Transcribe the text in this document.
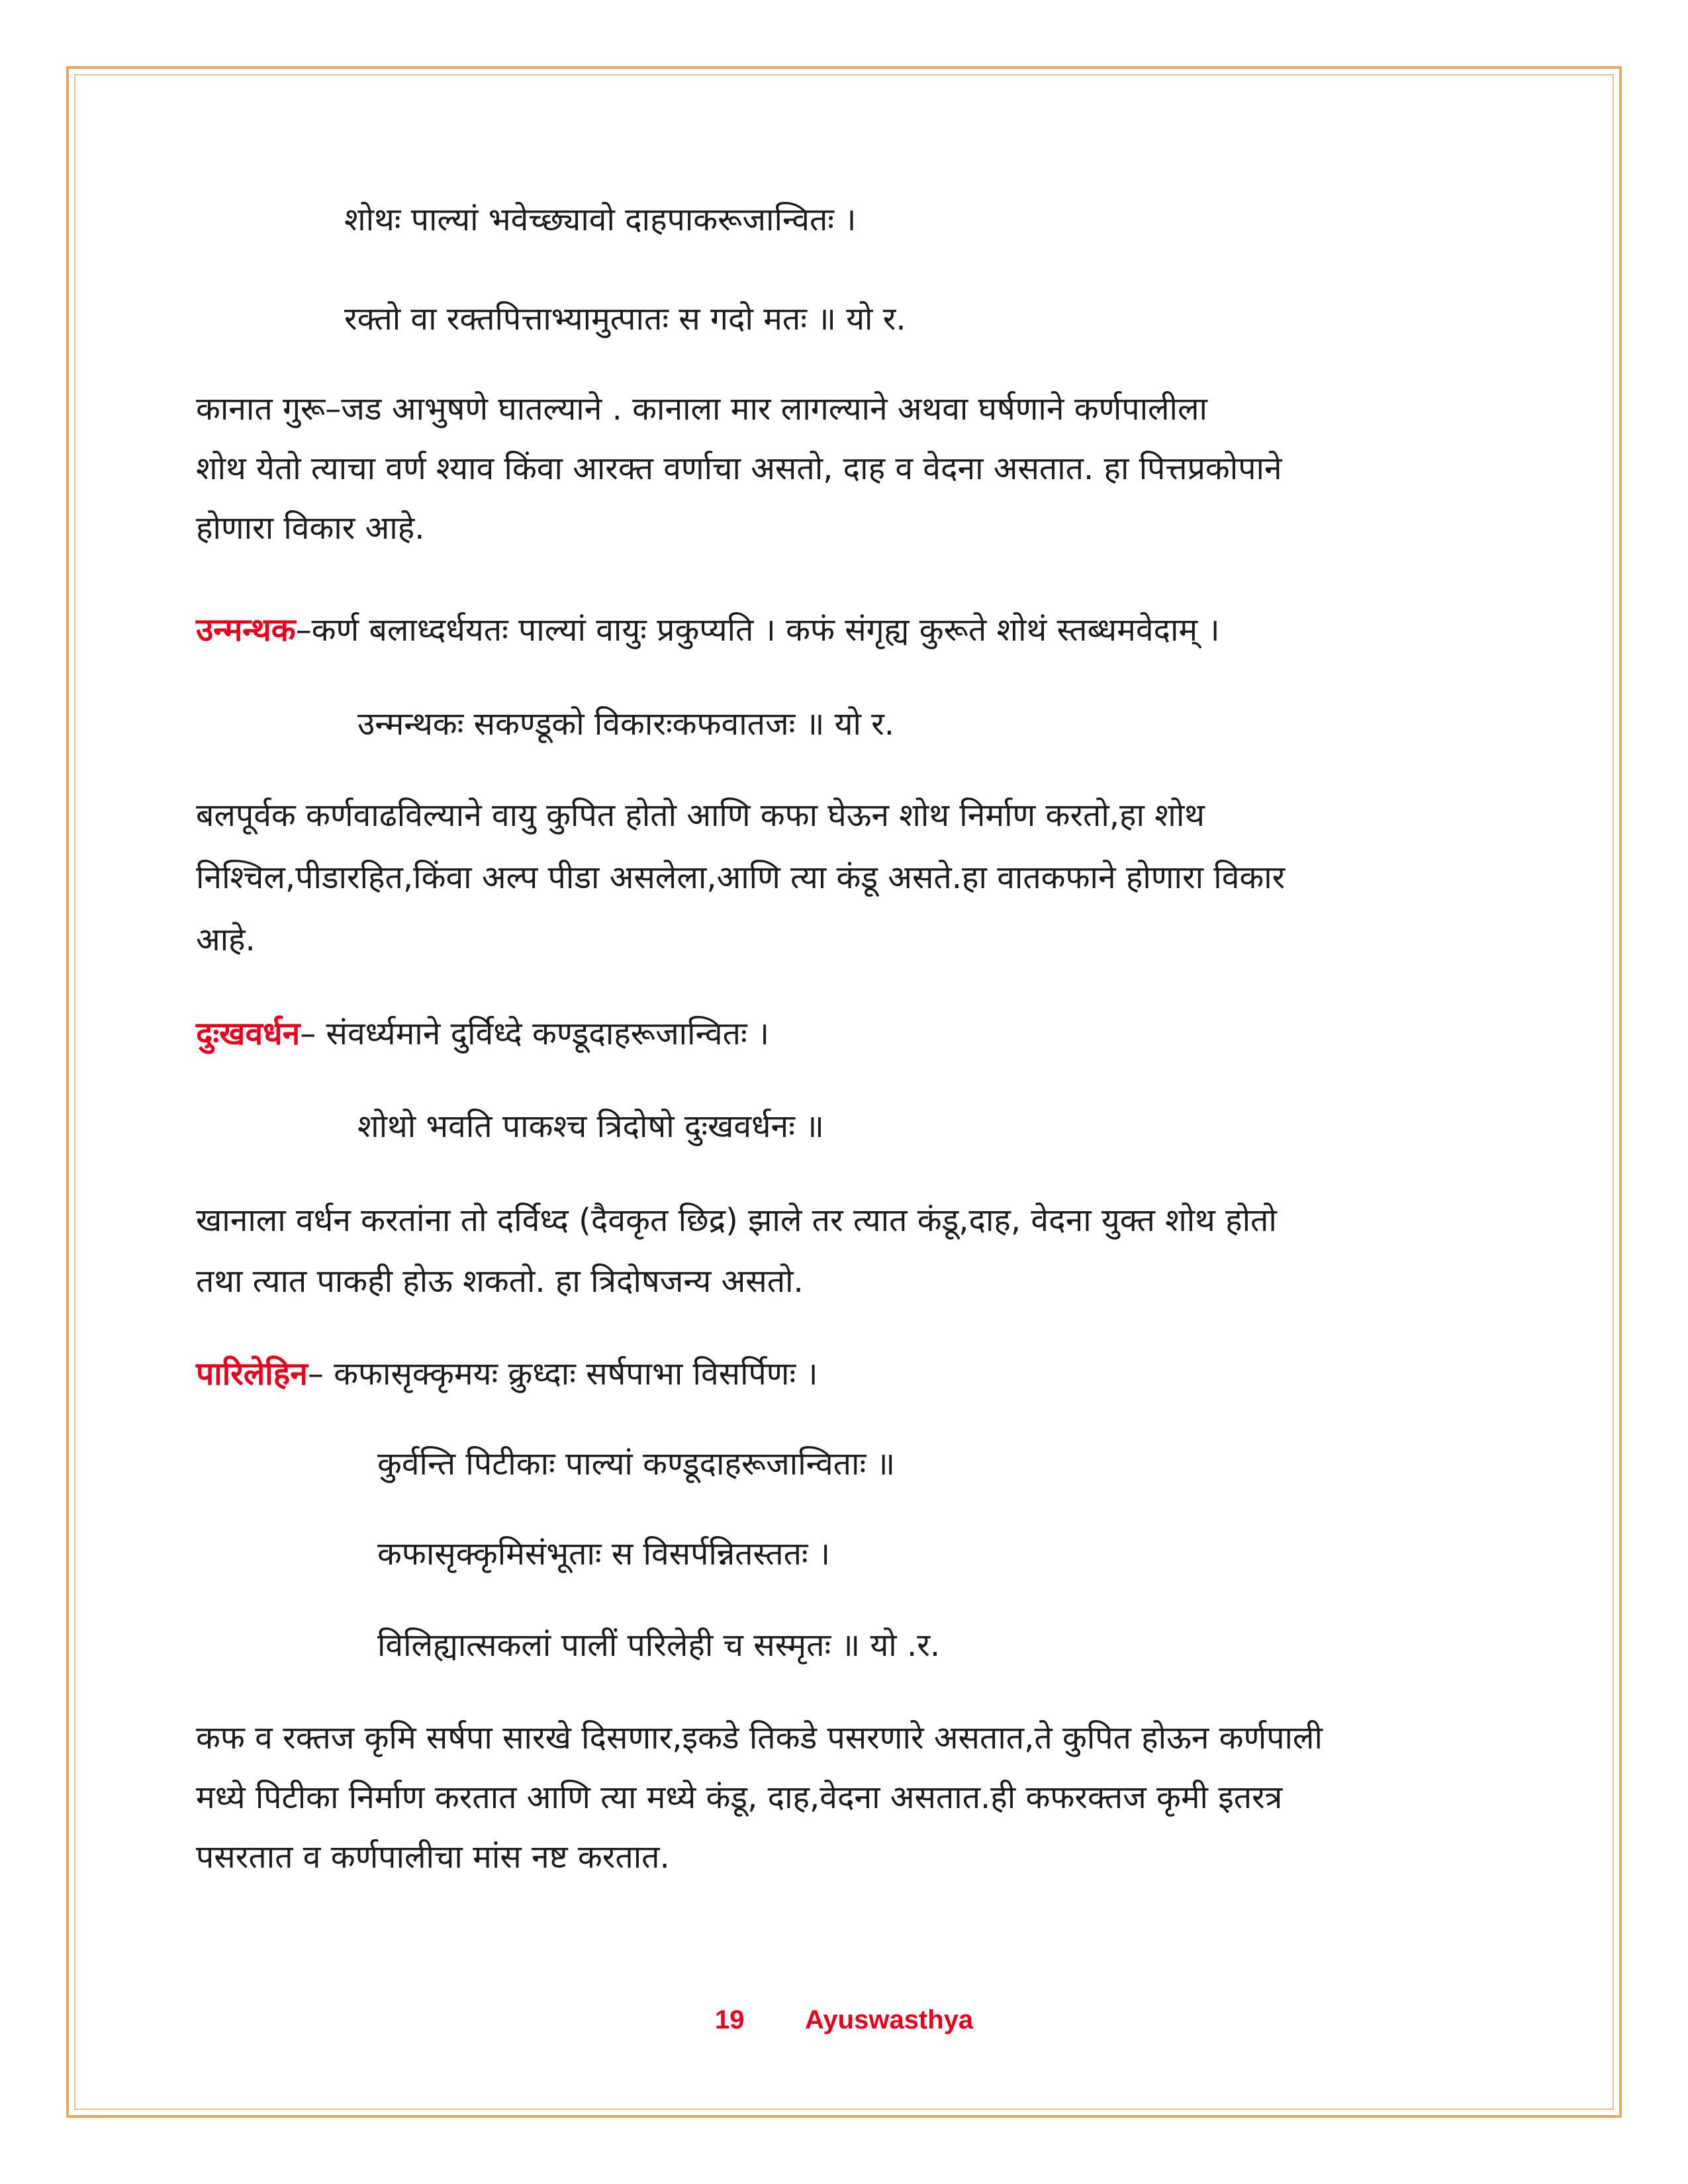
शोथः पाल्यां भवेच्छ्यावो दाहपाकरूजान्वितः ।
रक्तो वा रक्तपित्ताभ्यामुत्पातः स गदो मतः ॥ यो र.
कानात गुरू–जड आभुषणे घातल्याने . कानाला मार लागल्याने अथवा घर्षणाने कर्णपालीला
शोथ येतो त्याचा वर्ण श्याव किंवा आरक्त वर्णाचा असतो, दाह व वेदना असतात. हा पित्तप्रकोपाने
होणारा विकार आहे.
उन्मन्थक–कर्ण बलाध्दर्धयतः पाल्यां वायुः प्रकुप्यति । कफं संगृह्य कुरूते शोथं स्तब्धमवेदाम् ।
उन्मन्थकः सकण्डूको विकारःकफवातजः ॥ यो र.
बलपूर्वक कर्णवाढविल्याने वायु कुपित होतो आणि कफा घेऊन शोथ निर्माण करतो,हा शोथ
निश्चिल,पीडारहित,किंवा अल्प पीडा असलेला,आणि त्या कंडू असते.हा वातकफाने होणारा विकार
आहे.
दुःखवर्धन– संवर्ध्यमाने दुर्विध्दे कण्डूदाहरूजान्वितः ।
शोथो भवति पाकश्च त्रिदोषो दुःखवर्धनः ॥
खानाला वर्धन करतांना तो दर्विध्द (दैवकृत छिद्र) झाले तर त्यात कंडू,दाह, वेदना युक्त शोथ होतो
तथा त्यात पाकही होऊ शकतो. हा त्रिदोषजन्य असतो.
पारिलेहिन– कफासृक्कृमयः क्रुध्दाः सर्षपाभा विसर्पिणः ।
कुर्वन्ति पिटीकाः पाल्यां कण्डूदाहरूजान्विताः ॥
कफासृक्कृमिसंभूताः स विसर्पन्नितस्ततः ।
विलिह्यात्सकलां पालीं परिलेही च सस्मृतः ॥ यो .र.
कफ व रक्तज कृमि सर्षपा सारखे दिसणार,इकडे तिकडे पसरणारे असतात,ते कुपित होऊन कर्णपाली
मध्ये पिटीका निर्माण करतात आणि त्या मध्ये कंडू, दाह,वेदना असतात.ही कफरक्तज कृमी इतरत्र
पसरतात व कर्णपालीचा मांस नष्ट करतात.
19 Ayuswasthya
